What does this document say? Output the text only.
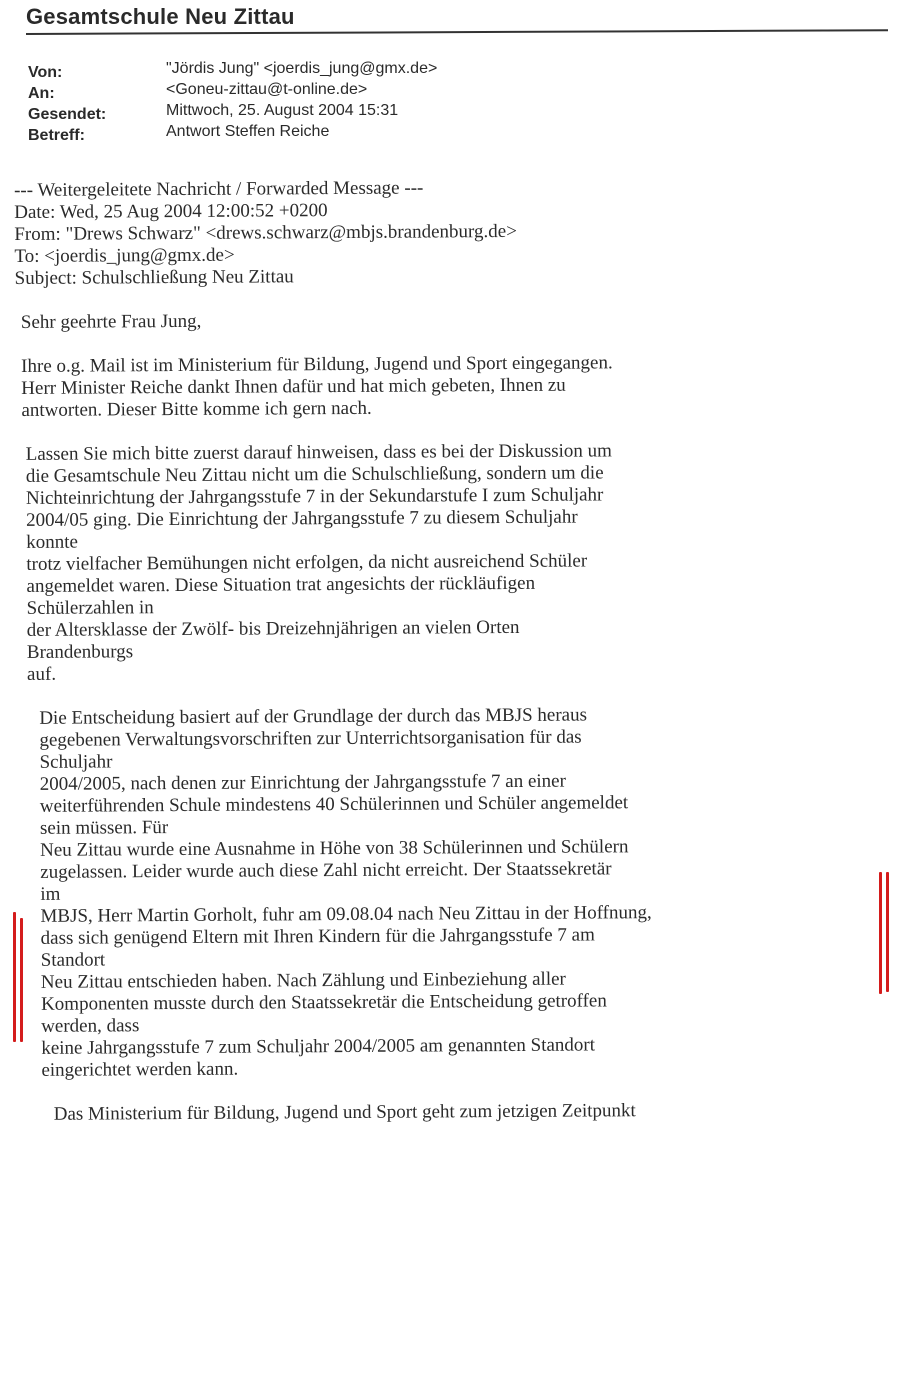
Gesamtschule Neu Zittau
Von:	"Jördis Jung" <joerdis_jung@gmx.de>
An:	<Goneu-zittau@t-online.de>
Gesendet:	Mittwoch, 25. August 2004 15:31
Betreff:	Antwort Steffen Reiche
--- Weitergeleitete Nachricht / Forwarded Message ---
Date: Wed, 25 Aug 2004 12:00:52 +0200
From: "Drews Schwarz" <drews.schwarz@mbjs.brandenburg.de>
To: <joerdis_jung@gmx.de>
Subject: Schulschließung Neu Zittau
Sehr geehrte Frau Jung,
Ihre o.g. Mail ist im Ministerium für Bildung, Jugend und Sport eingegangen.
Herr Minister Reiche dankt Ihnen dafür und hat mich gebeten, Ihnen zu
antworten. Dieser Bitte komme ich gern nach.
Lassen Sie mich bitte zuerst darauf hinweisen, dass es bei der Diskussion um
die Gesamtschule Neu Zittau nicht um die Schulschließung, sondern um die
Nichteinrichtung der Jahrgangsstufe 7 in der Sekundarstufe I zum Schuljahr
2004/05 ging. Die Einrichtung der Jahrgangsstufe 7 zu diesem Schuljahr
konnte
trotz vielfacher Bemühungen nicht erfolgen, da nicht ausreichend Schüler
angemeldet waren. Diese Situation trat angesichts der rückläufigen
Schülerzahlen in
der Altersklasse der Zwölf- bis Dreizehnjährigen an vielen Orten
Brandenburgs
auf.
Die Entscheidung basiert auf der Grundlage der durch das MBJS heraus
gegebenen Verwaltungsvorschriften zur Unterrichtsorganisation für das
Schuljahr
2004/2005, nach denen zur Einrichtung der Jahrgangsstufe 7 an einer
weiterführenden Schule mindestens 40 Schülerinnen und Schüler angemeldet
sein müssen. Für
Neu Zittau wurde eine Ausnahme in Höhe von 38 Schülerinnen und Schülern
zugelassen. Leider wurde auch diese Zahl nicht erreicht. Der Staatssekretär
im
MBJS, Herr Martin Gorholt, fuhr am 09.08.04 nach Neu Zittau in der Hoffnung,
dass sich genügend Eltern mit Ihren Kindern für die Jahrgangsstufe 7 am
Standort
Neu Zittau entschieden haben. Nach Zählung und Einbeziehung aller
Komponenten musste durch den Staatssekretär die Entscheidung getroffen
werden, dass
keine Jahrgangsstufe 7 zum Schuljahr 2004/2005 am genannten Standort
eingerichtet werden kann.
Das Ministerium für Bildung, Jugend und Sport geht zum jetzigen Zeitpunkt
